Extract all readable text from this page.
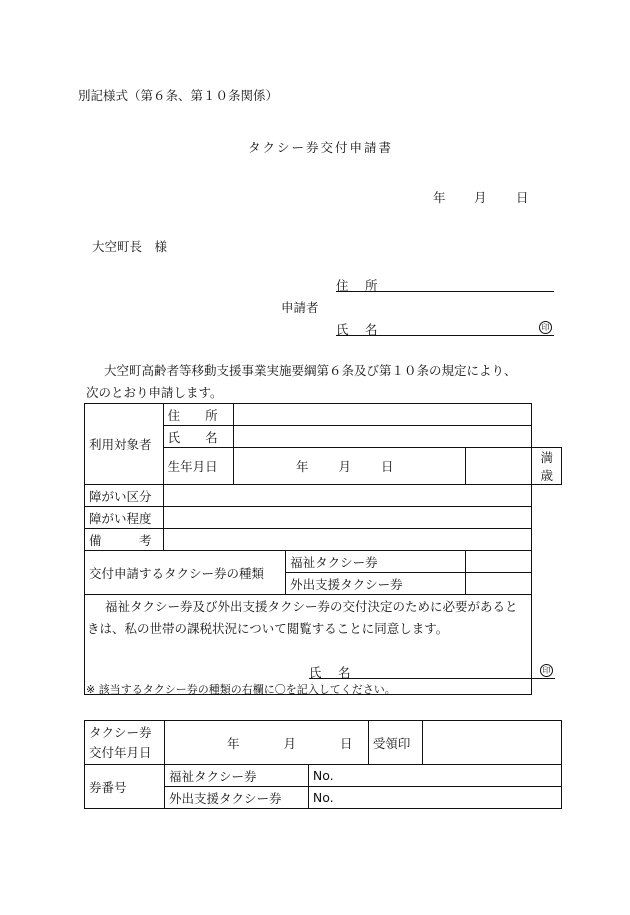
別記様式（第６条、第１０条関係）
タクシー券交付申請書
年 月 日
大空町長　様
住　所
申請者
氏　名	印
大空町高齢者等移動支援事業実施要綱第６条及び第１０条の規定により、
次のとおり申請します。
利用対象者	住　　所				
	氏　　名				
	生年月日	年 月 日			満
歳

障がい区分					
障がい程度					
備　　　考					
交付申請するタクシー券の種類			福祉タクシー券		
			外出支援タクシー券		

福祉タクシー券及び外出支援タクシー券の交付決定のために必要があると
きは、私の世帯の課税状況について閲覧することに同意します。
氏　名 印					
※ 該当するタクシー券の種類の右欄に〇を記入してください。
タクシー券
交付年月日	年 月 日		受領印	
券番号	福祉タクシー券	No.		
	外出支援タクシー券	No.		
